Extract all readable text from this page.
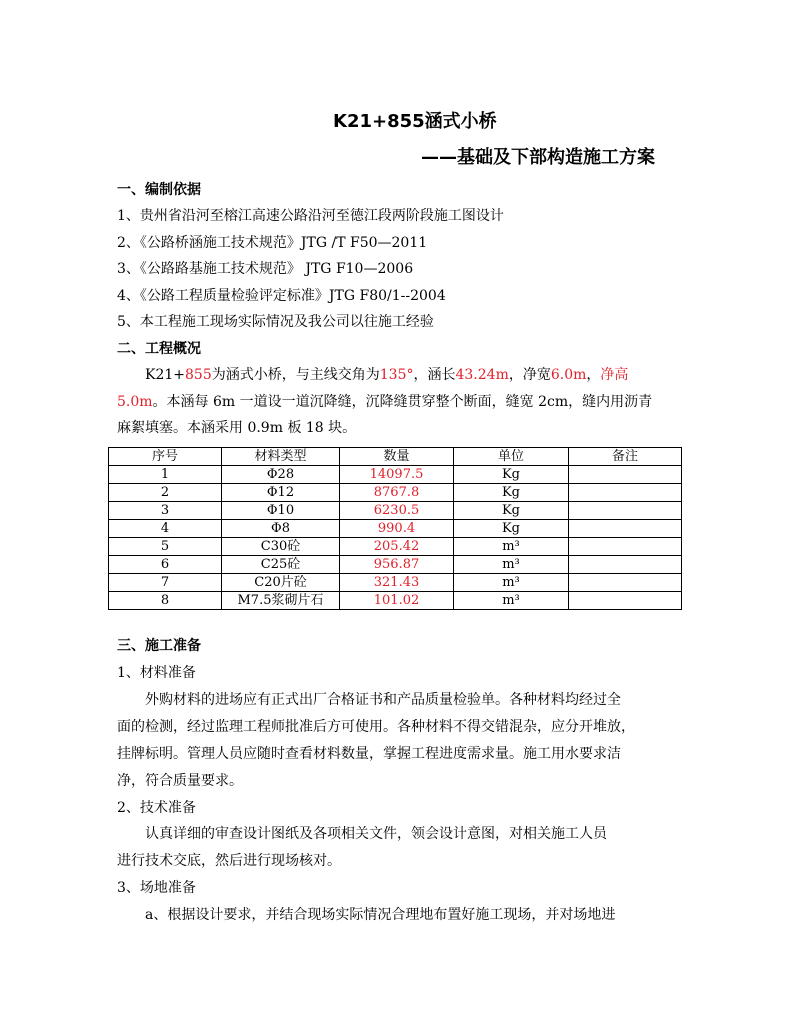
K21+855涵式小桥
——基础及下部构造施工方案
一、编制依据
1、贵州省沿河至榕江高速公路沿河至德江段两阶段施工图设计
2、《公路桥涵施工技术规范》JTG /T F50—2011
3、《公路路基施工技术规范》 JTG F10—2006
4、《公路工程质量检验评定标准》JTG F80/1--2004
5、本工程施工现场实际情况及我公司以往施工经验
二、工程概况
K21+855为涵式小桥，与主线交角为135°，涵长43.24m，净宽6.0m，净高
5.0m。本涵每 6m 一道设一道沉降缝，沉降缝贯穿整个断面，缝宽 2cm，缝内用沥青
麻絮填塞。本涵采用 0.9m 板 18 块。
序号	材料类型	数量	单位	备注
1	Φ28	14097.5	Kg	
2	Φ12	8767.8	Kg	
3	Φ10	6230.5	Kg	
4	Φ8	990.4	Kg	
5	C30砼	205.42	m³	
6	C25砼	956.87	m³	
7	C20片砼	321.43	m³	
8	M7.5浆砌片石	101.02	m³	
三、施工准备
1、材料准备
外购材料的进场应有正式出厂合格证书和产品质量检验单。各种材料均经过全
面的检测，经过监理工程师批准后方可使用。各种材料不得交错混杂，应分开堆放，
挂牌标明。管理人员应随时查看材料数量，掌握工程进度需求量。施工用水要求洁
净，符合质量要求。
2、技术准备
认真详细的审查设计图纸及各项相关文件，领会设计意图，对相关施工人员
进行技术交底，然后进行现场核对。
3、场地准备
a、根据设计要求，并结合现场实际情况合理地布置好施工现场，并对场地进
